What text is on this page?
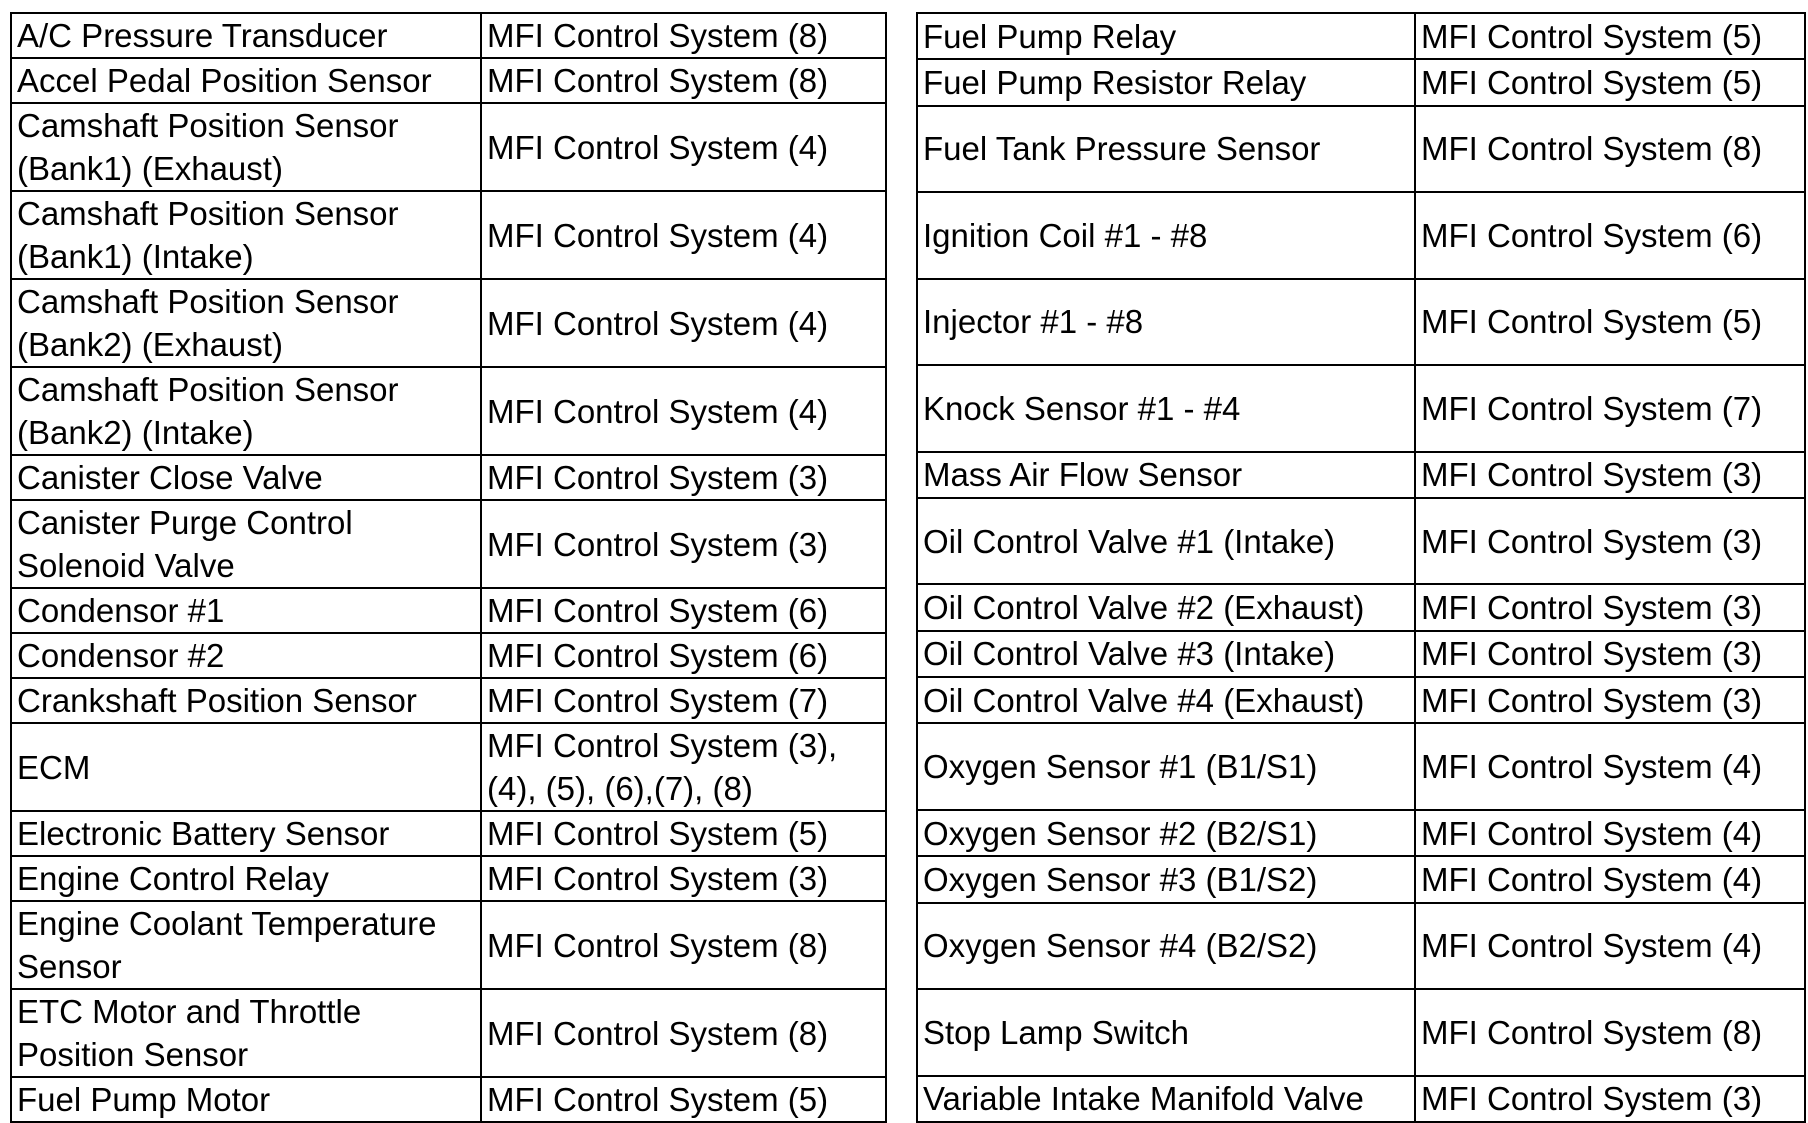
A/C Pressure Transducer	MFI Control System (8)

Accel Pedal Position Sensor	MFI Control System (8)

Camshaft Position Sensor (Bank1) (Exhaust)	MFI Control System (4)

Camshaft Position Sensor (Bank1) (Intake)	MFI Control System (4)

Camshaft Position Sensor (Bank2) (Exhaust)	MFI Control System (4)

Camshaft Position Sensor (Bank2) (Intake)	MFI Control System (4)

Canister Close Valve	MFI Control System (3)

Canister Purge Control Solenoid Valve	MFI Control System (3)

Condensor #1	MFI Control System (6)

Condensor #2	MFI Control System (6)

Crankshaft Position Sensor	MFI Control System (7)

ECM	MFI Control System (3), (4), (5), (6),(7), (8)

Electronic Battery Sensor	MFI Control System (5)

Engine Control Relay	MFI Control System (3)

Engine Coolant Temperature Sensor	MFI Control System (8)

ETC Motor and Throttle Position Sensor	MFI Control System (8)

Fuel Pump Motor	MFI Control System (5)
Fuel Pump Relay	MFI Control System (5)

Fuel Pump Resistor Relay	MFI Control System (5)

Fuel Tank Pressure Sensor	MFI Control System (8)

Ignition Coil #1 - #8	MFI Control System (6)

Injector #1 - #8	MFI Control System (5)

Knock Sensor #1 - #4	MFI Control System (7)

Mass Air Flow Sensor	MFI Control System (3)

Oil Control Valve #1 (Intake)	MFI Control System (3)

Oil Control Valve #2 (Exhaust)	MFI Control System (3)

Oil Control Valve #3 (Intake)	MFI Control System (3)

Oil Control Valve #4 (Exhaust)	MFI Control System (3)

Oxygen Sensor #1 (B1/S1)	MFI Control System (4)

Oxygen Sensor #2 (B2/S1)	MFI Control System (4)

Oxygen Sensor #3 (B1/S2)	MFI Control System (4)

Oxygen Sensor #4 (B2/S2)	MFI Control System (4)

Stop Lamp Switch	MFI Control System (8)

Variable Intake Manifold Valve	MFI Control System (3)
